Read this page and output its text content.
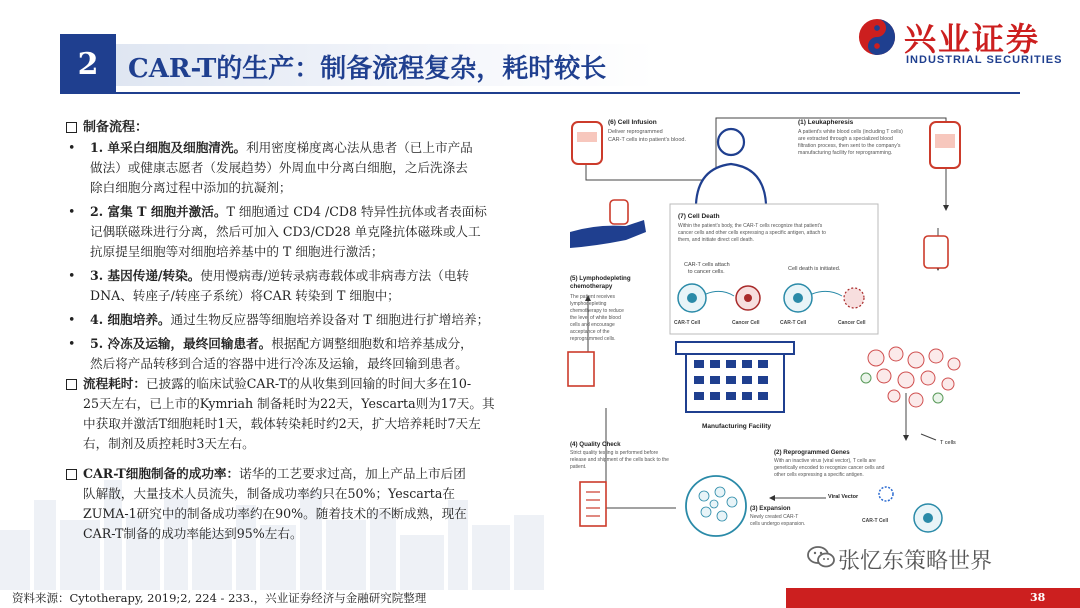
2	CAR-T的生产：制备流程复杂，耗时较长
兴业证券
INDUSTRIAL SECURITIES
制备流程：
• 1. 单采白细胞及细胞清洗。利用密度梯度离心法从患者（已上市产品
做法）或健康志愿者（发展趋势）外周血中分离白细胞，之后洗涤去
除白细胞分离过程中添加的抗凝剂；
• 2. 富集 T 细胞并激活。T 细胞通过 CD4 /CD8 特异性抗体或者表面标
记偶联磁珠进行分离，然后可加入 CD3/CD28 单克隆抗体磁珠或人工
抗原提呈细胞等对细胞培养基中的 T 细胞进行激活；
• 3. 基因传递/转染。使用慢病毒/逆转录病毒载体或非病毒方法（电转
DNA、转座子/转座子系统）将CAR 转染到 T 细胞中；
• 4. 细胞培养。通过生物反应器等细胞培养设备对 T 细胞进行扩增培养；
• 5. 冷冻及运输，最终回输患者。根据配方调整细胞数和培养基成分，
然后将产品转移到合适的容器中进行冷冻及运输，最终回输到患者。
流程耗时：已披露的临床试验CAR-T的从收集到回输的时间大多在10-
25天左右，已上市的Kymriah 制备耗时为22天，Yescarta则为17天。其
中获取并激活T细胞耗时1天，载体转染耗时约2天，扩大培养耗时7天左
右，制剂及质控耗时3天左右。
CAR-T细胞制备的成功率：诺华的工艺要求过高，加上产品上市后团
队解散，大量技术人员流失，制备成功率约只在50%；Yescarta在
ZUMA-1研究中的制备成功率约在90%。随着技术的不断成熟，现在
CAR-T制备的成功率能达到95%左右。
(6) Cell Infusion
Deliver reprogrammed
CAR-T cells into patient's blood.
(1) Leukapheresis
A patient's white blood cells (including T cells)
are extracted through a specialized blood
filtration process, then sent to the company's
manufacturing facility for reprogramming.
(7) Cell Death
Within the patient's body, the CAR-T cells recognize that patient's
cancer cells and other cells expressing a specific antigen, attach to
them, and initiate direct cell death.
CAR-T cells attach
to cancer cells.	Cell death is initiated.
CAR-T Cell	Cancer Cell	CAR-T Cell	Cancer Cell
(5) Lymphodepleting
chemotherapy
The patient receives
lymphodepleting
chemotherapy to reduce
the level of white blood
cells and encourage
acceptance of the
reprogrammed cells.
Manufacturing Facility
T cells
(4) Quality Check
Strict quality testing is performed before
release and shipment of the cells back to the
patient.
(2) Reprogrammed Genes
With an inactive virus (viral vector), T cells are
genetically encoded to recognize cancer cells and
other cells expressing a specific antigen.
(3) Expansion
Newly created CAR-T
cells undergo expansion.
Viral Vector
CAR-T Cell
张忆东策略世界
资料来源：Cytotherapy, 2019;2, 224 - 233.，兴业证券经济与金融研究院整理	38
